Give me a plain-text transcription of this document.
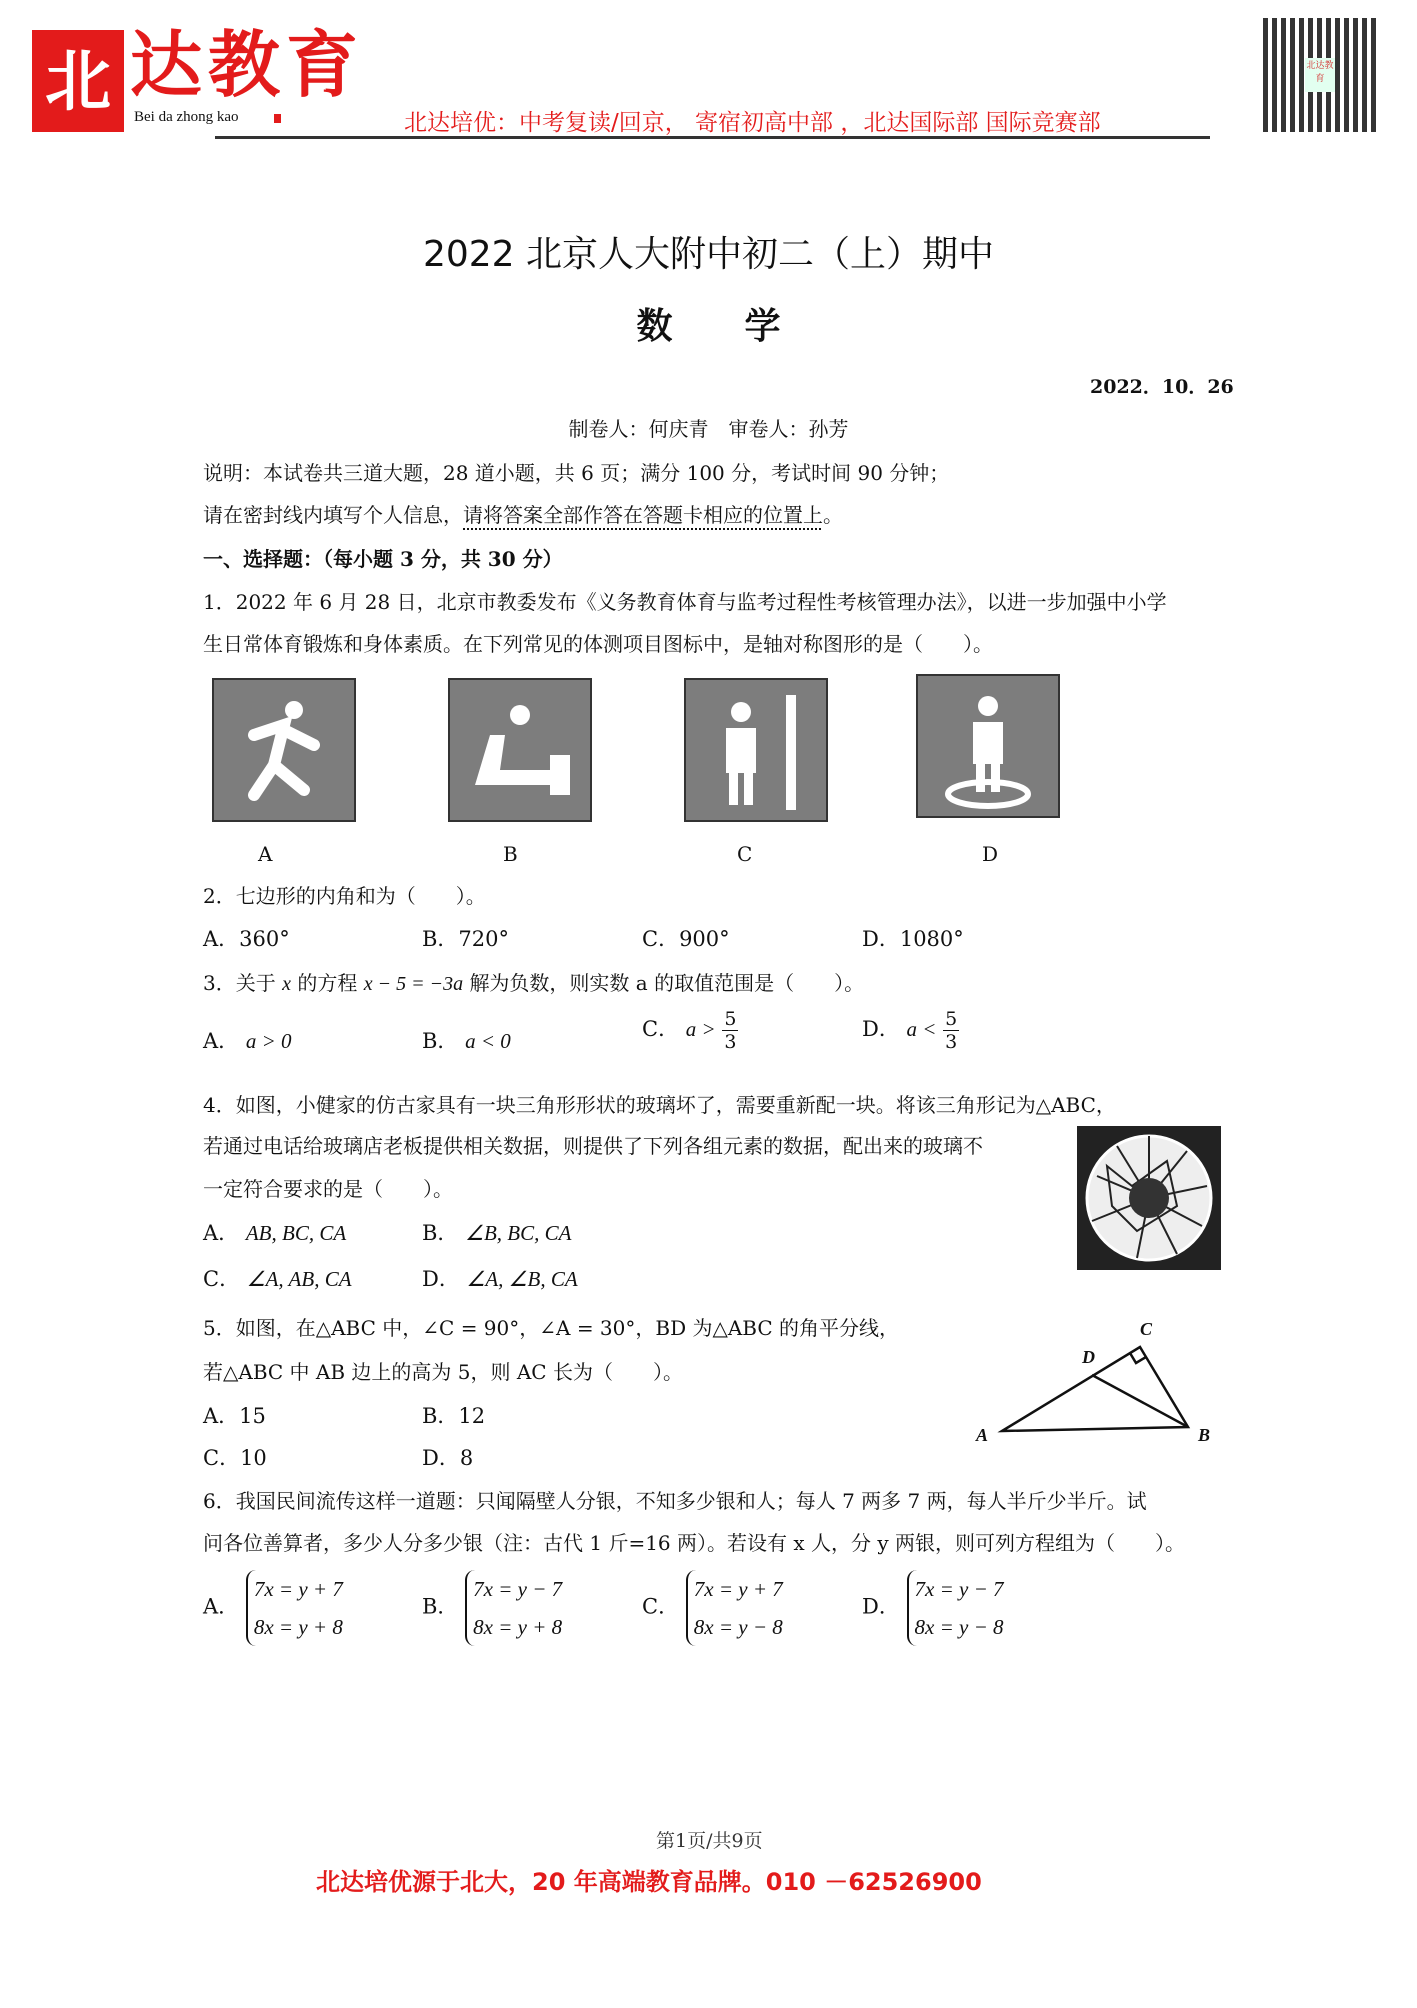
北 达教育
Bei da zhong kao	北达培优：中考复读/回京， 寄宿初高中部 ，北达国际部 国际竞赛部
北达教育
2022 北京人大附中初二（上）期中
数　　学
2022．10．26
制卷人：何庆青　审卷人：孙芳
说明：本试卷共三道大题，28 道小题，共 6 页；满分 100 分，考试时间 90 分钟；
请在密封线内填写个人信息，请将答案全部作答在答题卡相应的位置上。
一、选择题：（每小题 3 分，共 30 分）
1．2022 年 6 月 28 日，北京市教委发布《义务教育体育与监考过程性考核管理办法》，以进一步加强中小学
生日常体育锻炼和身体素质。在下列常见的体测项目图标中，是轴对称图形的是（　　）。
A	B	C	D
2．七边形的内角和为（　　）。
A．360°	B．720°	C．900°	D．1080°
3．关于 x 的方程 x − 5 = −3a 解为负数，则实数 a 的取值范围是（　　）。
A． a > 0	B． a < 0	C． $a > \frac{5}{3}$	D． $a < \frac{5}{3}$
4．如图，小健家的仿古家具有一块三角形形状的玻璃坏了，需要重新配一块。将该三角形记为△ABC，
若通过电话给玻璃店老板提供相关数据，则提供了下列各组元素的数据，配出来的玻璃不
一定符合要求的是（　　）。
A． AB, BC, CA	B． ∠B, BC, CA
C． ∠A, AB, CA	D． ∠A, ∠B, CA
5．如图，在△ABC 中，∠C = 90°，∠A = 30°，BD 为△ABC 的角平分线，
若△ABC 中 AB 边上的高为 5，则 AC 长为（　　）。
A	B
C
D
A．15	B．12
C．10	D．8
6．我国民间流传这样一道题：只闻隔壁人分银，不知多少银和人；每人 7 两多 7 两，每人半斤少半斤。试
问各位善算者，多少人分多少银（注：古代 1 斤=16 两）。若设有 x 人，分 y 两银，则可列方程组为（　　）。
A． 7x = y + 7
8x = y + 8
B． 7x = y − 7
8x = y + 8
C． 7x = y + 7
8x = y − 8
D． 7x = y − 7
8x = y − 8
第1页/共9页
北达培优源于北大，20 年高端教育品牌。010 －62526900
